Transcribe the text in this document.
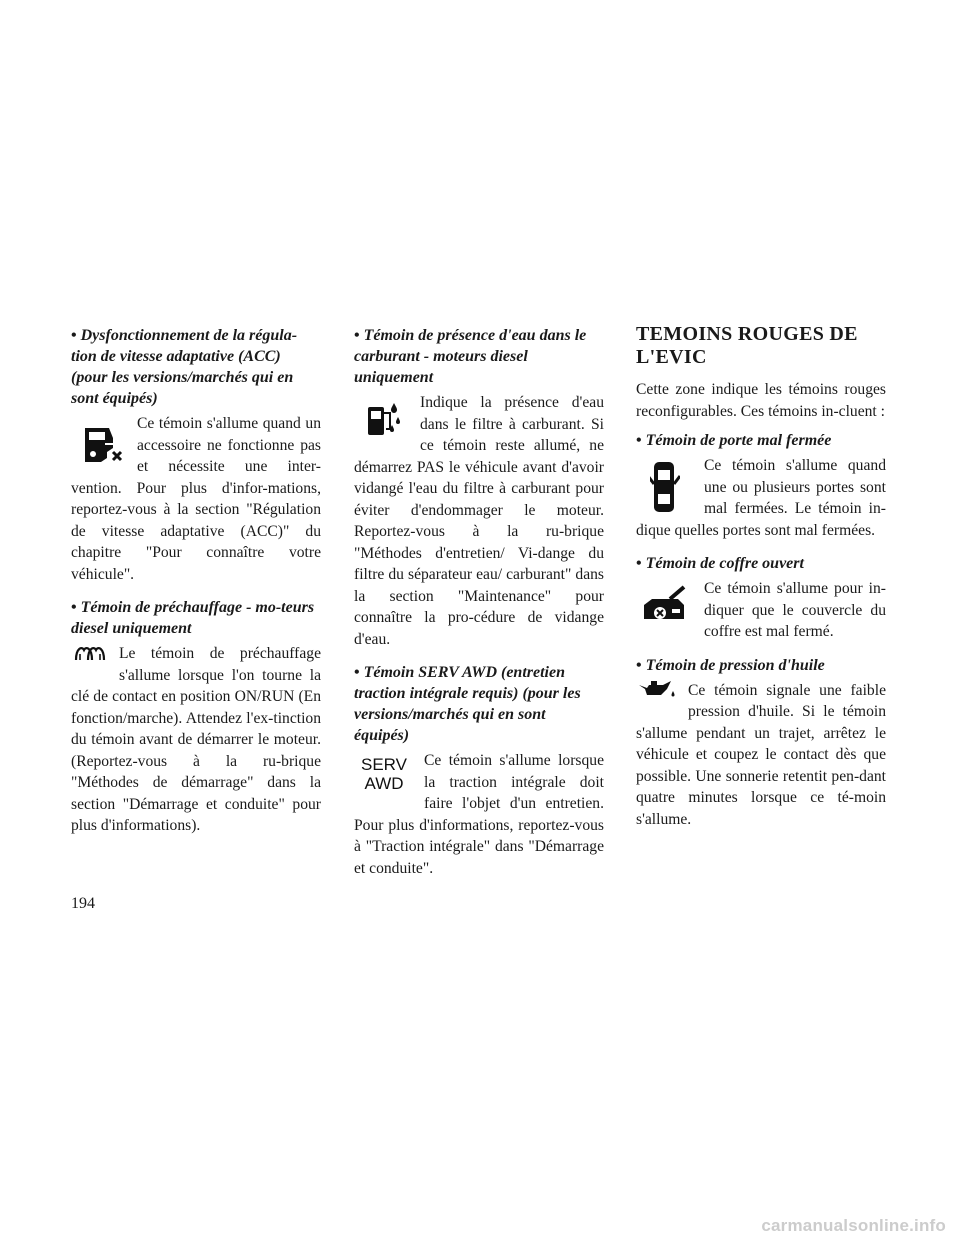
• Dysfonctionnement de la régula-tion de vitesse adaptative (ACC) (pour les versions/marchés qui en sont équipés)
Ce témoin s'allume quand un accessoire ne fonctionne pas et nécessite une inter-vention. Pour plus d'infor-mations, reportez-vous à la section "Régulation de vitesse adaptative (ACC)" du chapitre "Pour connaître votre véhicule".
• Témoin de préchauffage - mo-teurs diesel uniquement
Le témoin de préchauffage s'allume lorsque l'on tourne la clé de contact en position ON/RUN (En fonction/marche). Attendez l'ex-tinction du témoin avant de démarrer le moteur. (Reportez-vous à la ru-brique "Méthodes de démarrage" dans la section "Démarrage et conduite" pour plus d'informations).
• Témoin de présence d'eau dans le carburant - moteurs diesel uniquement
Indique la présence d'eau dans le filtre à carburant. Si ce témoin reste allumé, ne démarrez PAS le véhicule avant d'avoir vidangé l'eau du filtre à carburant pour éviter d'endommager le moteur. Reportez-vous à la ru-brique "Méthodes d'entretien/ Vi-dange du filtre du séparateur eau/ carburant" dans la section "Maintenance" pour connaître la pro-cédure de vidange d'eau.
• Témoin SERV AWD (entretien traction intégrale requis) (pour les versions/marchés qui en sont équipés)
SERV
AWD
Ce témoin s'allume lorsque la traction intégrale doit faire l'objet d'un entretien. Pour plus d'informations, reportez-vous à "Traction intégrale" dans "Démarrage et conduite".
TEMOINS ROUGES DE L'EVIC
Cette zone indique les témoins rouges reconfigurables. Ces témoins in-cluent :
• Témoin de porte mal fermée
Ce témoin s'allume quand une ou plusieurs portes sont mal fermées. Le témoin in-dique quelles portes sont mal fermées.
• Témoin de coffre ouvert
Ce témoin s'allume pour in-diquer que le couvercle du coffre est mal fermé.
• Témoin de pression d'huile
Ce témoin signale une faible pression d'huile. Si le témoin s'allume pendant un trajet, arrêtez le véhicule et coupez le contact dès que possible. Une sonnerie retentit pen-dant quatre minutes lorsque ce té-moin s'allume.
194
carmanualsonline.info
